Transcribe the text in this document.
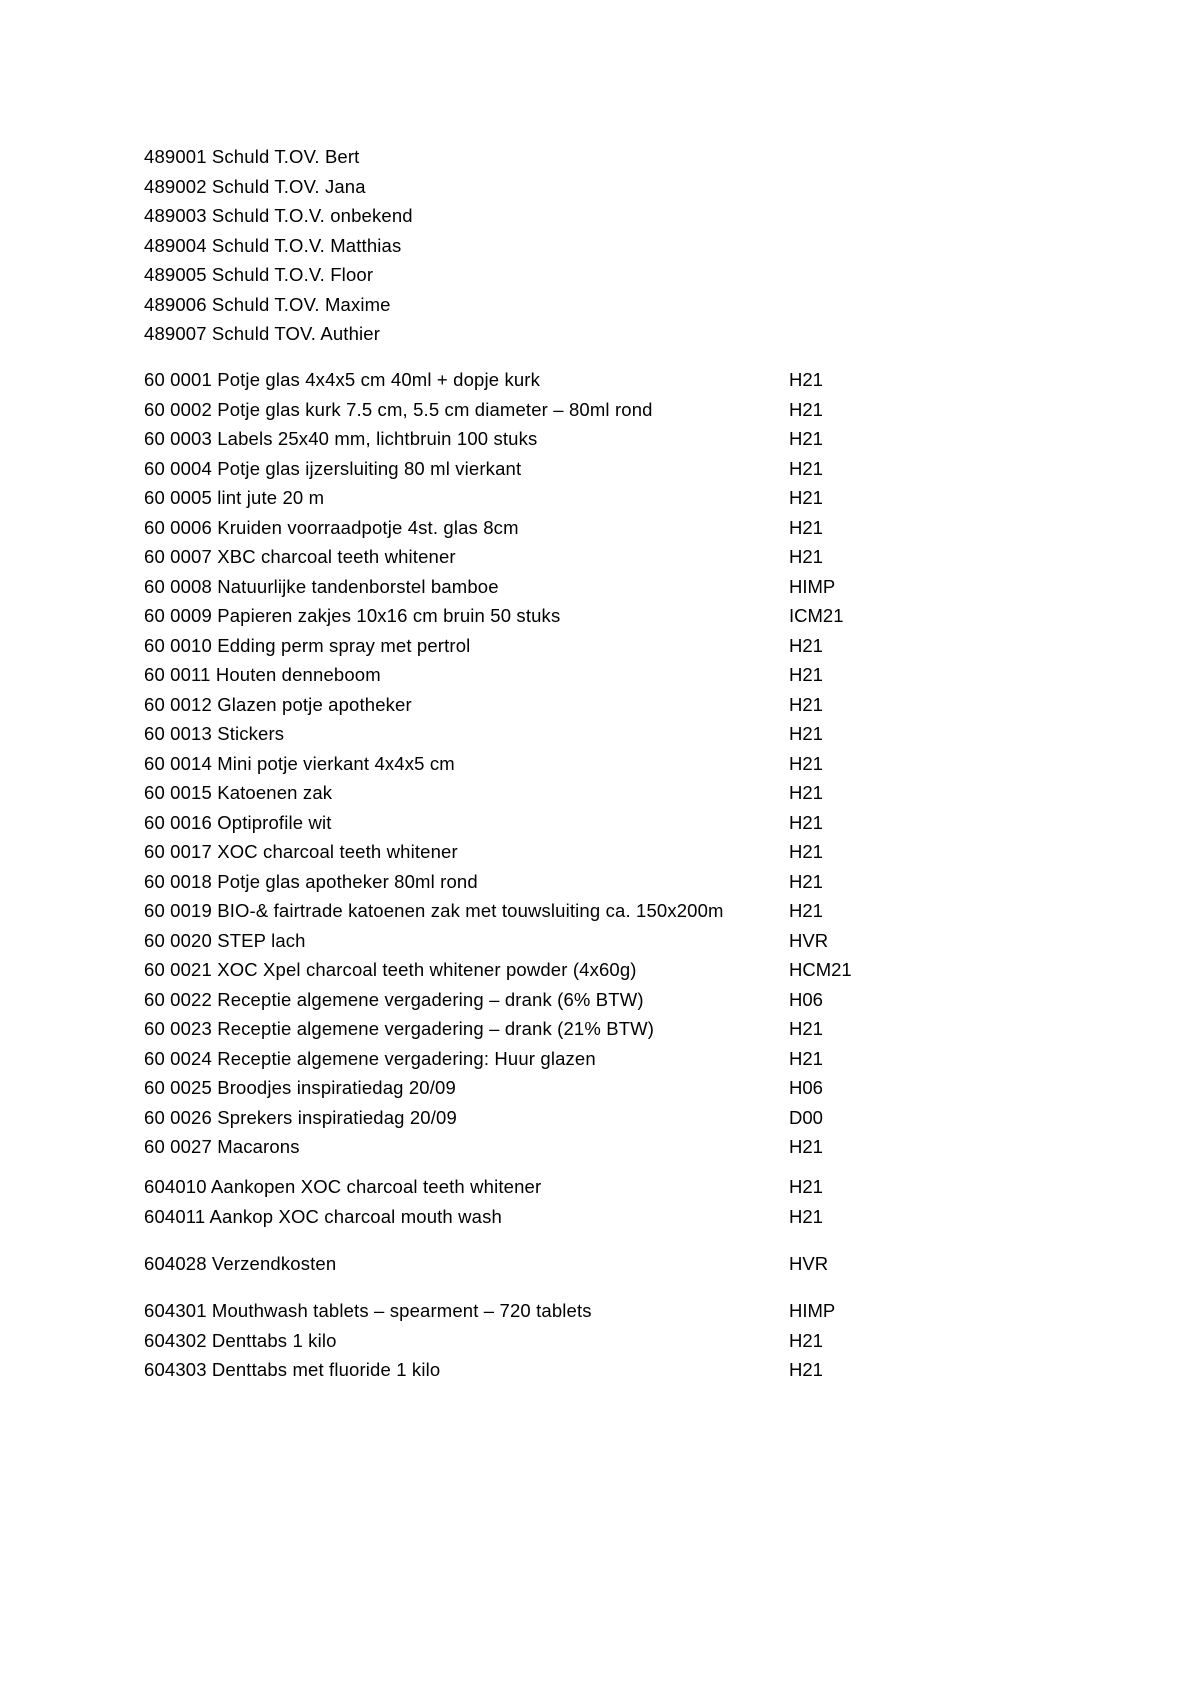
489001 Schuld T.OV. Bert
489002 Schuld T.OV. Jana
489003 Schuld T.O.V. onbekend
489004 Schuld T.O.V. Matthias
489005 Schuld T.O.V. Floor
489006 Schuld T.OV. Maxime
489007 Schuld TOV. Authier
60 0001 Potje glas 4x4x5 cm 40ml + dopje kurk	H21
60 0002 Potje glas kurk 7.5 cm, 5.5 cm diameter – 80ml rond	H21
60 0003 Labels 25x40 mm, lichtbruin 100 stuks	H21
60 0004 Potje glas ijzersluiting 80 ml vierkant	H21
60 0005 lint jute 20 m	H21
60 0006 Kruiden voorraadpotje 4st. glas 8cm	H21
60 0007 XBC charcoal teeth whitener	H21
60 0008 Natuurlijke tandenborstel bamboe	HIMP
60 0009 Papieren zakjes 10x16 cm bruin 50 stuks	ICM21
60 0010 Edding perm spray met pertrol	H21
60 0011 Houten denneboom	H21
60 0012 Glazen potje apotheker	H21
60 0013 Stickers	H21
60 0014 Mini potje vierkant 4x4x5 cm	H21
60 0015 Katoenen zak	H21
60 0016 Optiprofile wit	H21
60 0017 XOC charcoal teeth whitener	H21
60 0018 Potje glas apotheker 80ml rond	H21
60 0019 BIO-& fairtrade katoenen zak met touwsluiting ca. 150x200m	H21
60 0020 STEP lach	HVR
60 0021 XOC Xpel charcoal teeth whitener powder (4x60g)	HCM21
60 0022 Receptie algemene vergadering – drank (6% BTW)	H06
60 0023 Receptie algemene vergadering – drank (21% BTW)	H21
60 0024 Receptie algemene vergadering: Huur glazen	H21
60 0025 Broodjes inspiratiedag 20/09	H06
60 0026 Sprekers inspiratiedag 20/09	D00
60 0027 Macarons	H21
604010 Aankopen XOC charcoal teeth whitener	H21
604011 Aankop XOC charcoal mouth wash	H21
604028 Verzendkosten	HVR
604301 Mouthwash tablets – spearment – 720 tablets	HIMP
604302 Denttabs 1 kilo	H21
604303 Denttabs met fluoride 1 kilo	H21
